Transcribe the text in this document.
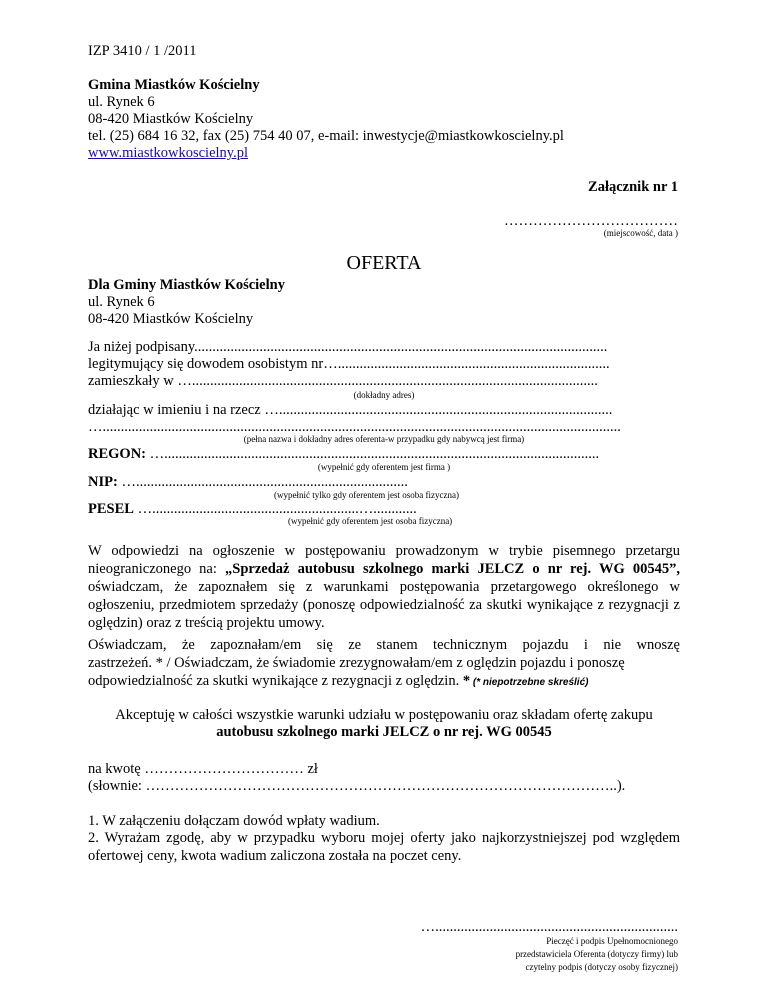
IZP 3410 / 1 /2011
Gmina Miastków Kościelny
ul. Rynek 6
08-420 Miastków Kościelny
tel. (25) 684 16 32, fax (25) 754 40 07, e-mail: inwestycje@miastkowkoscielny.pl
www.miastkowkoscielny.pl
Załącznik nr 1
………………………………
(miejscowość, data )
OFERTA
Dla Gminy Miastków Kościelny
ul. Rynek 6
08-420 Miastków Kościelny
Ja niżej podpisany..................................................................................................................
legitymujący się dowodem osobistym nr…...........................................................................
zamieszkały w …................................................................................................................
(dokładny adres)
działając w imieniu i na rzecz …............................................................................................
…...............................................................................................................................................
(pełna nazwa i dokładny adres oferenta-w przypadku gdy nabywcą jest firma)
REGON: …........................................................................................................................
(wypełnić gdy oferentem jest firma )
NIP: …...........................................................................
(wypełnić tylko gdy oferentem jest osoba fizyczna)
PESEL ….........................................................…............
(wypełnić gdy oferentem jest osoba fizyczna)
W odpowiedzi na ogłoszenie w postępowaniu prowadzonym w trybie pisemnego przetargu nieograniczonego na: „Sprzedaż autobusu szkolnego marki JELCZ o nr rej. WG 00545”, oświadczam, że zapoznałem się z warunkami postępowania przetargowego określonego w ogłoszeniu, przedmiotem sprzedaży (ponoszę odpowiedzialność za skutki wynikające z rezygnacji z oględzin) oraz z treścią projektu umowy.
Oświadczam, że zapoznałam/em się ze stanem technicznym pojazdu i nie wnoszę
zastrzeżeń. * / Oświadczam, że świadomie zrezygnowałam/em z oględzin pojazdu i ponoszę
odpowiedzialność za skutki wynikające z rezygnacji z oględzin. * (* niepotrzebne skreślić)
Akceptuję w całości wszystkie warunki udziału w postępowaniu oraz składam ofertę zakupu
autobusu szkolnego marki JELCZ o nr rej. WG 00545
na kwotę …………………………… zł
(słownie: ……………………………………………………………………………………..).
1. W załączeniu dołączam dowód wpłaty wadium.
2. Wyrażam zgodę, aby w przypadku wyboru mojej oferty jako najkorzystniejszej pod względem ofertowej ceny, kwota wadium zaliczona została na poczet ceny.
…...................................................................
Pieczęć i podpis Upełnomocnionego
przedstawiciela Oferenta (dotyczy firmy) lub
czytelny podpis (dotyczy osoby fizycznej)
